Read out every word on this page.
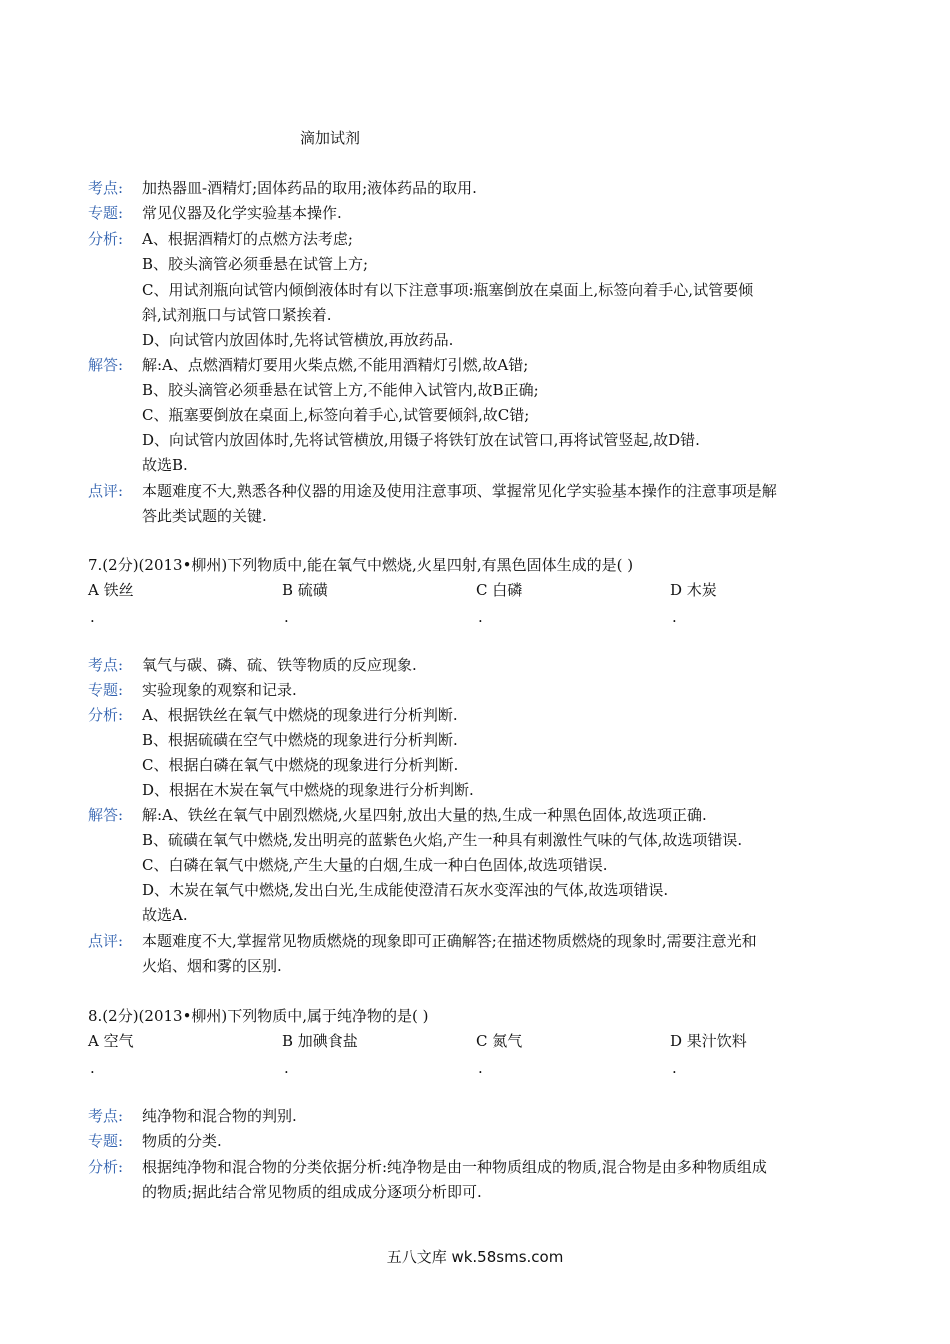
滴加试剂
考点: 加热器皿-酒精灯;固体药品的取用;液体药品的取用.
专题: 常见仪器及化学实验基本操作.
分析: A、根据酒精灯的点燃方法考虑;
B、胶头滴管必须垂悬在试管上方;
C、用试剂瓶向试管内倾倒液体时有以下注意事项:瓶塞倒放在桌面上,标签向着手心,试管要倾
斜,试剂瓶口与试管口紧挨着.
D、向试管内放固体时,先将试管横放,再放药品.
解答: 解:A、点燃酒精灯要用火柴点燃,不能用酒精灯引燃,故A错;
B、胶头滴管必须垂悬在试管上方,不能伸入试管内,故B正确;
C、瓶塞要倒放在桌面上,标签向着手心,试管要倾斜,故C错;
D、向试管内放固体时,先将试管横放,用镊子将铁钉放在试管口,再将试管竖起,故D错.
故选B.
点评: 本题难度不大,熟悉各种仪器的用途及使用注意事项、掌握常见化学实验基本操作的注意事项是解
答此类试题的关键.
7.(2分)(2013•柳州)下列物质中,能在氧气中燃烧,火星四射,有黑色固体生成的是( )
A 铁丝	B 硫磺	C 白磷	D 木炭
.	.	.	.
考点: 氧气与碳、磷、硫、铁等物质的反应现象.
专题: 实验现象的观察和记录.
分析: A、根据铁丝在氧气中燃烧的现象进行分析判断.
B、根据硫磺在空气中燃烧的现象进行分析判断.
C、根据白磷在氧气中燃烧的现象进行分析判断.
D、根据在木炭在氧气中燃烧的现象进行分析判断.
解答: 解:A、铁丝在氧气中剧烈燃烧,火星四射,放出大量的热,生成一种黑色固体,故选项正确.
B、硫磺在氧气中燃烧,发出明亮的蓝紫色火焰,产生一种具有刺激性气味的气体,故选项错误.
C、白磷在氧气中燃烧,产生大量的白烟,生成一种白色固体,故选项错误.
D、木炭在氧气中燃烧,发出白光,生成能使澄清石灰水变浑浊的气体,故选项错误.
故选A.
点评: 本题难度不大,掌握常见物质燃烧的现象即可正确解答;在描述物质燃烧的现象时,需要注意光和
火焰、烟和雾的区别.
8.(2分)(2013•柳州)下列物质中,属于纯净物的是( )
A 空气	B 加碘食盐	C 氮气	D 果汁饮料
.	.	.	.
考点: 纯净物和混合物的判别.
专题: 物质的分类.
分析: 根据纯净物和混合物的分类依据分析:纯净物是由一种物质组成的物质,混合物是由多种物质组成
的物质;据此结合常见物质的组成成分逐项分析即可.
五八文库 wk.58sms.com
